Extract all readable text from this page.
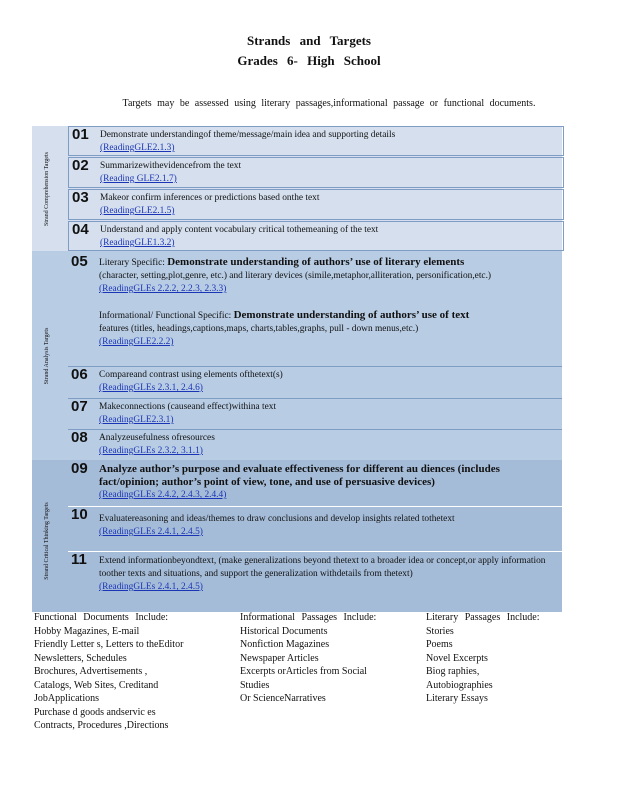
Strands and Targets
Grades 6- High School
Targets may be assessed using literary passages,informational passage or functional documents.
Strand Comprehension Targets
Strand Analysis Targets
Strand Critical Thinking Targets
01 Demonstrate understandingof theme/message/main idea and supporting details
(ReadingGLE2.1.3)
02 Summarizewithevidencefrom the text
(Reading GLE2.1.7)
03 Makeor confirm inferences or predictions based onthe text
(ReadingGLE2.1.5)
04 Understand and apply content vocabulary critical tothemeaning of the text
(ReadingGLE1.3.2)
05 Literary Specific: Demonstrate understanding of authors’ use of literary elements
(character, setting,plot,genre, etc.) and literary devices (simile,metaphor,alliteration, personification,etc.)
(ReadingGLEs 2.2.2, 2.2.3, 2.3.3)
Informational/ Functional Specific: Demonstrate understanding of authors’ use of text
features (titles, headings,captions,maps, charts,tables,graphs, pull - down menus,etc.)
(ReadingGLE2.2.2)
06 Compareand contrast using elements ofthetext(s)
(ReadingGLEs 2.3.1, 2.4.6)
07 Makeconnections (causeand effect)withina text
(ReadingGLE2.3.1)
08 Analyzeusefulness ofresources
(ReadingGLEs 2.3.2, 3.1.1)
09 Analyze author’s purpose and evaluate effectiveness for different au diences (includes fact/opinion; author’s point of view, tone, and use of persuasive devices)
(ReadingGLEs 2.4.2, 2.4.3, 2.4.4)
10 Evaluatereasoning and ideas/themes to draw conclusions and develop insights related tothetext
(ReadingGLEs 2.4.1, 2.4.5)
11 Extend informationbeyondtext, (make generalizations beyond thetext to a broader idea or concept,or apply information toother texts and situations, and support the generalization withdetails from thetext)
(ReadingGLEs 2.4.1, 2.4.5)
Functional Documents Include:
Hobby Magazines, E-mail
Friendly Letter s, Letters to theEditor
Newsletters, Schedules
Brochures, Advertisements ,
Catalogs, Web Sites, Creditand
JobApplications
Purchase d goods andservic es
Contracts, Procedures ,Directions
Informational Passages Include:
Historical Documents
Nonfiction Magazines
Newspaper Articles
Excerpts orArticles from Social
Studies
Or ScienceNarratives
Literary Passages Include:
Stories
Poems
Novel Excerpts
Biog raphies,
Autobiographies
Literary Essays
